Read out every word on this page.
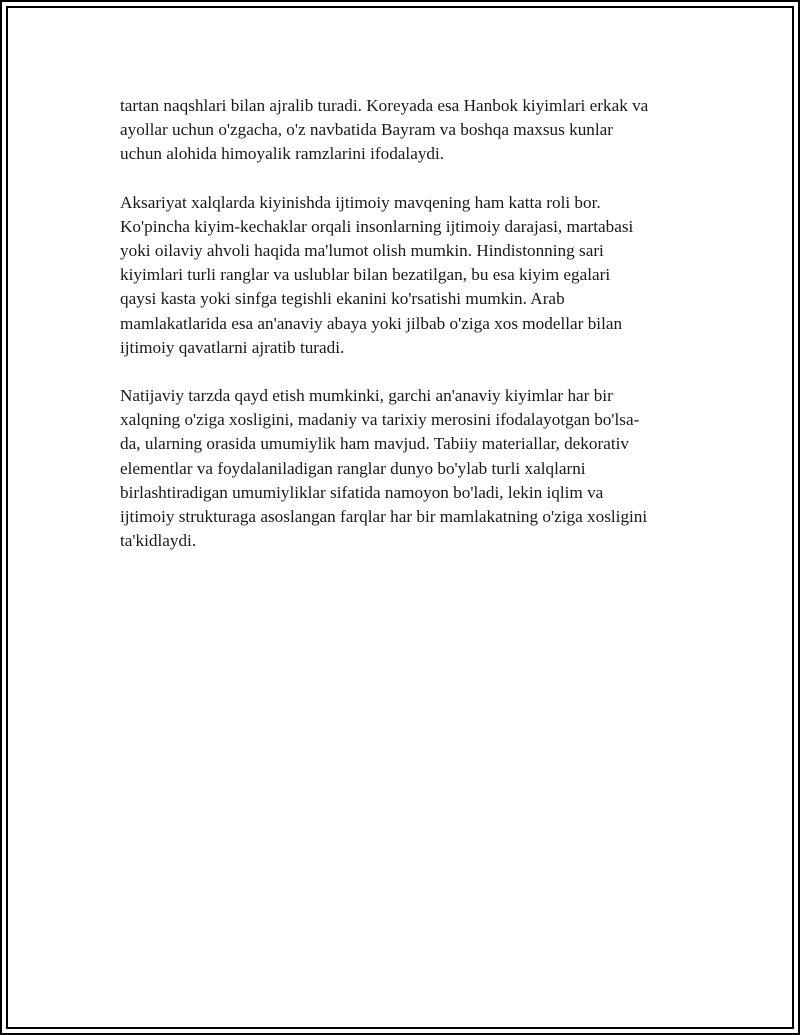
tartan naqshlari bilan ajralib turadi. Koreyada esa Hanbok kiyimlari erkak va
ayollar uchun o'zgacha, o'z navbatida Bayram va boshqa maxsus kunlar
uchun alohida himoyalik ramzlarini ifodalaydi.

Aksariyat xalqlarda kiyinishda ijtimoiy mavqening ham katta roli bor.
Ko'pincha kiyim-kechaklar orqali insonlarning ijtimoiy darajasi, martabasi
yoki oilaviy ahvoli haqida ma'lumot olish mumkin. Hindistonning sari
kiyimlari turli ranglar va uslublar bilan bezatilgan, bu esa kiyim egalari
qaysi kasta yoki sinfga tegishli ekanini ko'rsatishi mumkin. Arab
mamlakatlarida esa an'anaviy abaya yoki jilbab o'ziga xos modellar bilan
ijtimoiy qavatlarni ajratib turadi.

Natijaviy tarzda qayd etish mumkinki, garchi an'anaviy kiyimlar har bir
xalqning o'ziga xosligini, madaniy va tarixiy merosini ifodalayotgan bo'lsa-
da, ularning orasida umumiylik ham mavjud. Tabiiy materiallar, dekorativ
elementlar va foydalaniladigan ranglar dunyo bo'ylab turli xalqlarni
birlashtiradigan umumiyliklar sifatida namoyon bo'ladi, lekin iqlim va
ijtimoiy strukturaga asoslangan farqlar har bir mamlakatning o'ziga xosligini
ta'kidlaydi.
